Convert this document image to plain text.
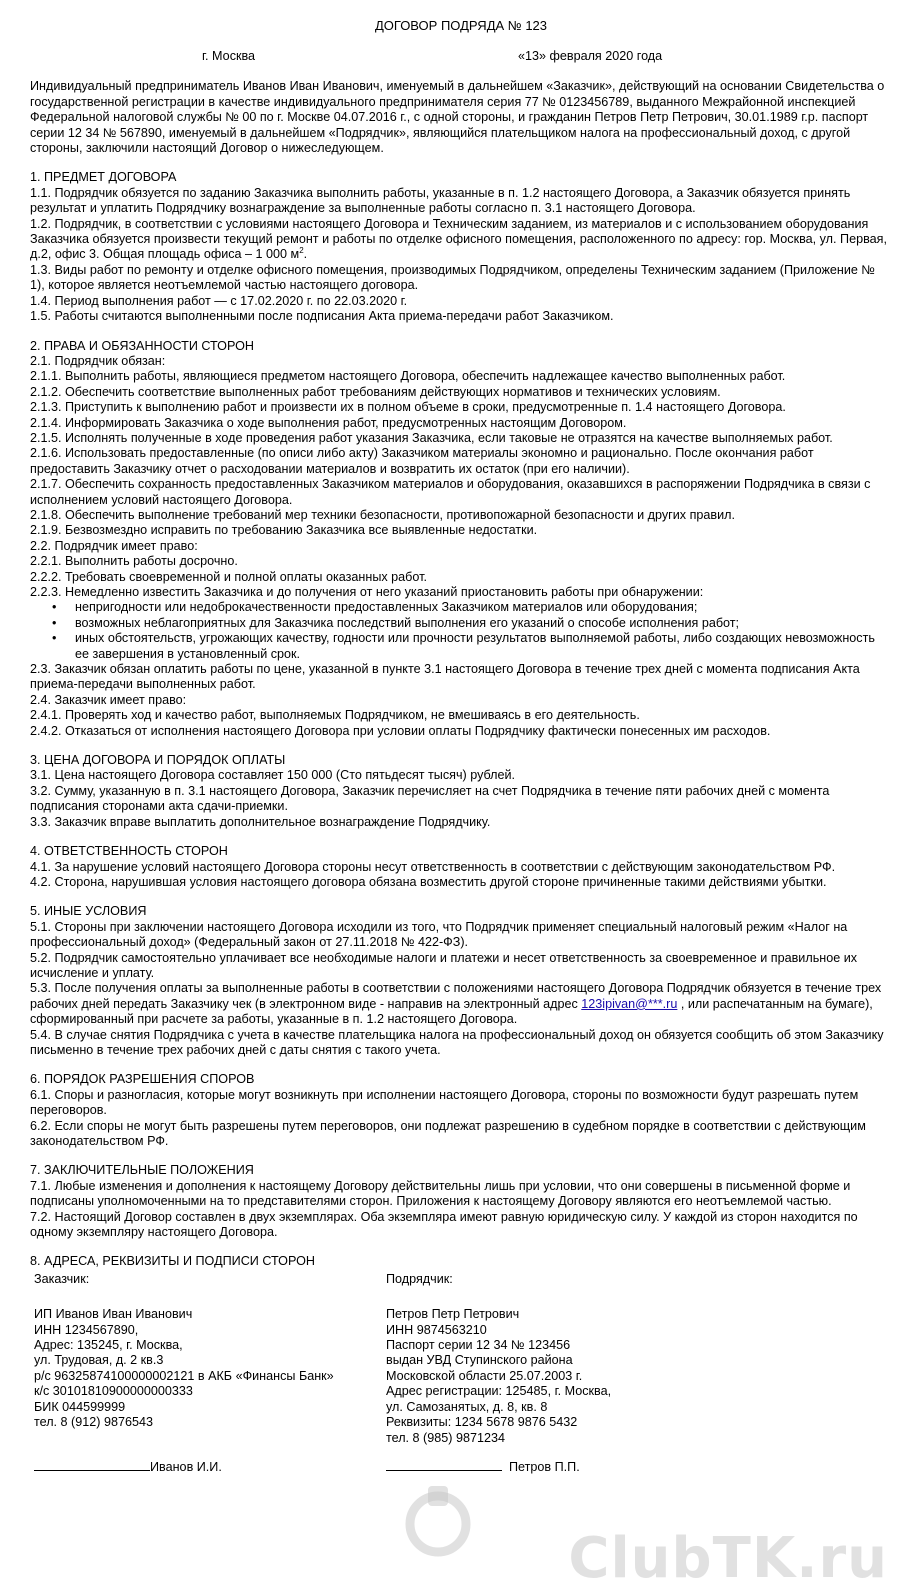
ДОГОВОР ПОДРЯДА № 123
г. Москва	«13» февраля 2020 года

Индивидуальный предприниматель Иванов Иван Иванович, именуемый в дальнейшем «Заказчик», действующий на основании Свидетельства о государственной регистрации в качестве индивидуального предпринимателя серия 77 № 0123456789, выданного Межрайонной инспекцией Федеральной налоговой службы № 00 по г. Москве 04.07.2016 г., с одной стороны, и гражданин Петров Петр Петрович, 30.01.1989 г.р. паспорт серии 12 34 № 567890, именуемый в дальнейшем «Подрядчик», являющийся плательщиком налога на профессиональный доход, с другой стороны, заключили настоящий Договор о нижеследующем.

1. ПРЕДМЕТ ДОГОВОРА

1.1. Подрядчик обязуется по заданию Заказчика выполнить работы, указанные в п. 1.2 настоящего Договора, а Заказчик обязуется принять результат и уплатить Подрядчику вознаграждение за выполненные работы согласно п. 3.1 настоящего Договора.

1.2. Подрядчик, в соответствии с условиями настоящего Договора и Техническим заданием, из материалов и с использованием оборудования Заказчика обязуется произвести текущий ремонт и работы по отделке офисного помещения, расположенного по адресу: гор. Москва, ул. Первая, д.2, офис 3. Общая площадь офиса – 1 000 $м^2$.

1.3. Виды работ по ремонту и отделке офисного помещения, производимых Подрядчиком, определены Техническим заданием (Приложение № 1), которое является неотъемлемой частью настоящего договора.

1.4. Период выполнения работ — с 17.02.2020 г. по 22.03.2020 г.

1.5. Работы считаются выполненными после подписания Акта приема-передачи работ Заказчиком.

2. ПРАВА И ОБЯЗАННОСТИ СТОРОН

2.1. Подрядчик обязан:

2.1.1. Выполнить работы, являющиеся предметом настоящего Договора, обеспечить надлежащее качество выполненных работ.

2.1.2. Обеспечить соответствие выполненных работ требованиям действующих нормативов и технических условиям.

2.1.3. Приступить к выполнению работ и произвести их в полном объеме в сроки, предусмотренные п. 1.4 настоящего Договора.

2.1.4. Информировать Заказчика о ходе выполнения работ, предусмотренных настоящим Договором.

2.1.5. Исполнять полученные в ходе проведения работ указания Заказчика, если таковые не отразятся на качестве выполняемых работ.

2.1.6. Использовать предоставленные (по описи либо акту) Заказчиком материалы экономно и рационально. После окончания работ предоставить Заказчику отчет о расходовании материалов и возвратить их остаток (при его наличии).

2.1.7. Обеспечить сохранность предоставленных Заказчиком материалов и оборудования, оказавшихся в распоряжении Подрядчика в связи с исполнением условий настоящего Договора.

2.1.8. Обеспечить выполнение требований мер техники безопасности, противопожарной безопасности и других правил.

2.1.9. Безвозмездно исправить по требованию Заказчика все выявленные недостатки.

2.2. Подрядчик имеет право:

2.2.1. Выполнить работы досрочно.

2.2.2. Требовать своевременной и полной оплаты оказанных работ.

2.2.3. Немедленно известить Заказчика и до получения от него указаний приостановить работы при обнаружении:

• непригодности или недоброкачественности предоставленных Заказчиком материалов или оборудования;

• возможных неблагоприятных для Заказчика последствий выполнения его указаний о способе исполнения работ;

• иных обстоятельств, угрожающих качеству, годности или прочности результатов выполняемой работы, либо создающих невозможность ее завершения в установленный срок.

2.3. Заказчик обязан оплатить работы по цене, указанной в пункте 3.1 настоящего Договора в течение трех дней с момента подписания Акта приема-передачи выполненных работ.

2.4. Заказчик имеет право:

2.4.1. Проверять ход и качество работ, выполняемых Подрядчиком, не вмешиваясь в его деятельность.

2.4.2. Отказаться от исполнения настоящего Договора при условии оплаты Подрядчику фактически понесенных им расходов.

3. ЦЕНА ДОГОВОРА И ПОРЯДОК ОПЛАТЫ

3.1. Цена настоящего Договора составляет 150 000 (Сто пятьдесят тысяч) рублей.

3.2. Сумму, указанную в п. 3.1 настоящего Договора, Заказчик перечисляет на счет Подрядчика в течение пяти рабочих дней с момента подписания сторонами акта сдачи-приемки.

3.3. Заказчик вправе выплатить дополнительное вознаграждение Подрядчику.

4. ОТВЕТСТВЕННОСТЬ СТОРОН

4.1. За нарушение условий настоящего Договора стороны несут ответственность в соответствии с действующим законодательством РФ.

4.2. Сторона, нарушившая условия настоящего договора обязана возместить другой стороне причиненные такими действиями убытки.

5. ИНЫЕ УСЛОВИЯ

5.1. Стороны при заключении настоящего Договора исходили из того, что Подрядчик применяет специальный налоговый режим «Налог на профессиональный доход» (Федеральный закон от 27.11.2018 № 422-ФЗ).

5.2. Подрядчик самостоятельно уплачивает все необходимые налоги и платежи и несет ответственность за своевременное и правильное их исчисление и уплату.

5.3. После получения оплаты за выполненные работы в соответствии с положениями настоящего Договора Подрядчик обязуется в течение трех рабочих дней передать Заказчику чек (в электронном виде - направив на электронный адрес 123ipivan@***.ru , или распечатанным на бумаге), сформированный при расчете за работы, указанные в п. 1.2 настоящего Договора.

5.4. В случае снятия Подрядчика с учета в качестве плательщика налога на профессиональный доход он обязуется сообщить об этом Заказчику письменно в течение трех рабочих дней с даты снятия с такого учета.

6. ПОРЯДОК РАЗРЕШЕНИЯ СПОРОВ

6.1. Споры и разногласия, которые могут возникнуть при исполнении настоящего Договора, стороны по возможности будут разрешать путем переговоров.

6.2. Если споры не могут быть разрешены путем переговоров, они подлежат разрешению в судебном порядке в соответствии с действующим законодательством РФ.

7. ЗАКЛЮЧИТЕЛЬНЫЕ ПОЛОЖЕНИЯ

7.1. Любые изменения и дополнения к настоящему Договору действительны лишь при условии, что они совершены в письменной форме и подписаны уполномоченными на то представителями сторон. Приложения к настоящему Договору являются его неотъемлемой частью.

7.2. Настоящий Договор составлен в двух экземплярах. Оба экземпляра имеют равную юридическую силу. У каждой из сторон находится по одному экземпляру настоящего Договора.

8. АДРЕСА, РЕКВИЗИТЫ И ПОДПИСИ СТОРОН

Заказчик:

ИП Иванов Иван Иванович

ИНН 1234567890,

Адрес: 135245, г. Москва,

ул. Трудовая, д. 2 кв.3

р/с 96325874100000002121 в АКБ «Финансы Банк»

к/с 30101810900000000333

БИК 044599999

тел. 8 (912) 9876543

Подрядчик:

Петров Петр Петрович

ИНН 9874563210

Паспорт серии 12 34 № 123456

выдан УВД Ступинского района

Московской области 25.07.2003 г.

Адрес регистрации: 125485, г. Москва,

ул. Самозанятых, д. 8, кв. 8

Реквизиты: 1234 5678 9876 5432

тел. 8 (985) 9871234

Иванов И.И.	Петров П.П.
ClubTK.ru
